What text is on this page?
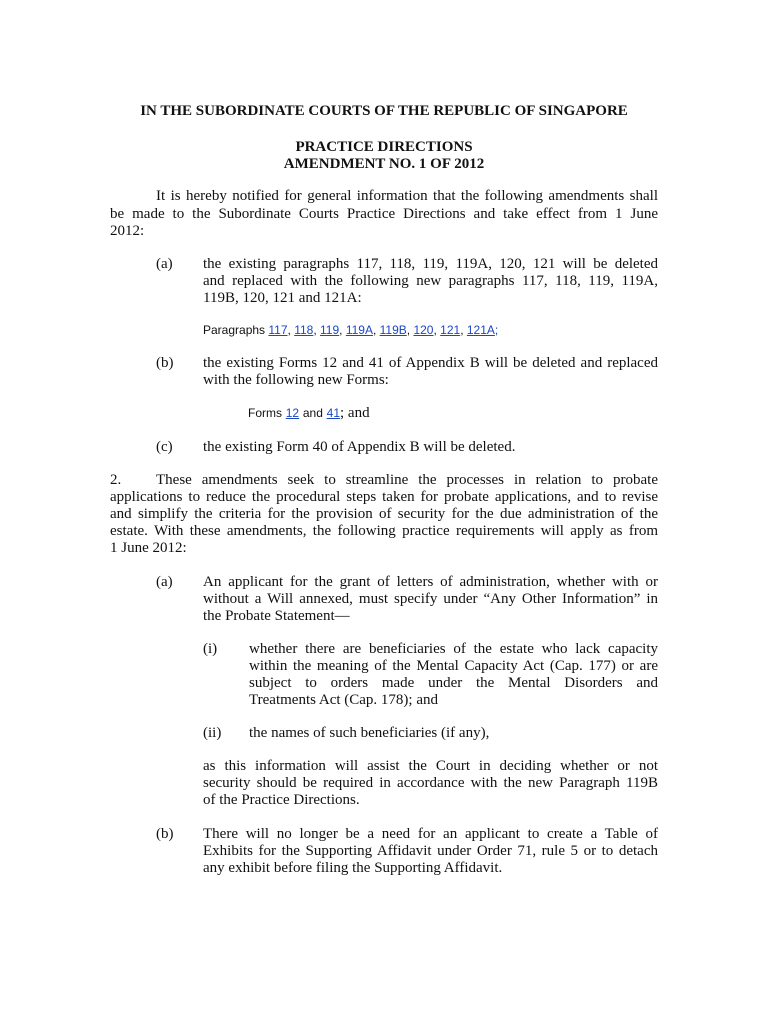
IN THE SUBORDINATE COURTS OF THE REPUBLIC OF SINGAPORE

PRACTICE DIRECTIONS

AMENDMENT NO. 1 OF 2012

It is hereby notified for general information that the following amendments shall

be made to the Subordinate Courts Practice Directions and take effect from 1 June

2012:

(a) the existing paragraphs 117, 118, 119, 119A, 120, 121 will be deleted

and replaced with the following new paragraphs 117, 118, 119, 119A,

119B, 120, 121 and 121A:

Paragraphs 117, 118, 119, 119A, 119B, 120, 121, 121A;

(b) the existing Forms 12 and 41 of Appendix B will be deleted and replaced

with the following new Forms:

Forms 12 and 41; and

(c) the existing Form 40 of Appendix B will be deleted.

2. These amendments seek to streamline the processes in relation to probate

applications to reduce the procedural steps taken for probate applications, and to revise

and simplify the criteria for the provision of security for the due administration of the

estate. With these amendments, the following practice requirements will apply as from

1 June 2012:

(a) An applicant for the grant of letters of administration, whether with or

without a Will annexed, must specify under “Any Other Information” in

the Probate Statement—

(i) whether there are beneficiaries of the estate who lack capacity

within the meaning of the Mental Capacity Act (Cap. 177) or are

subject to orders made under the Mental Disorders and

Treatments Act (Cap. 178); and

(ii) the names of such beneficiaries (if any),

as this information will assist the Court in deciding whether or not

security should be required in accordance with the new Paragraph 119B

of the Practice Directions.

(b) There will no longer be a need for an applicant to create a Table of

Exhibits for the Supporting Affidavit under Order 71, rule 5 or to detach

any exhibit before filing the Supporting Affidavit.
